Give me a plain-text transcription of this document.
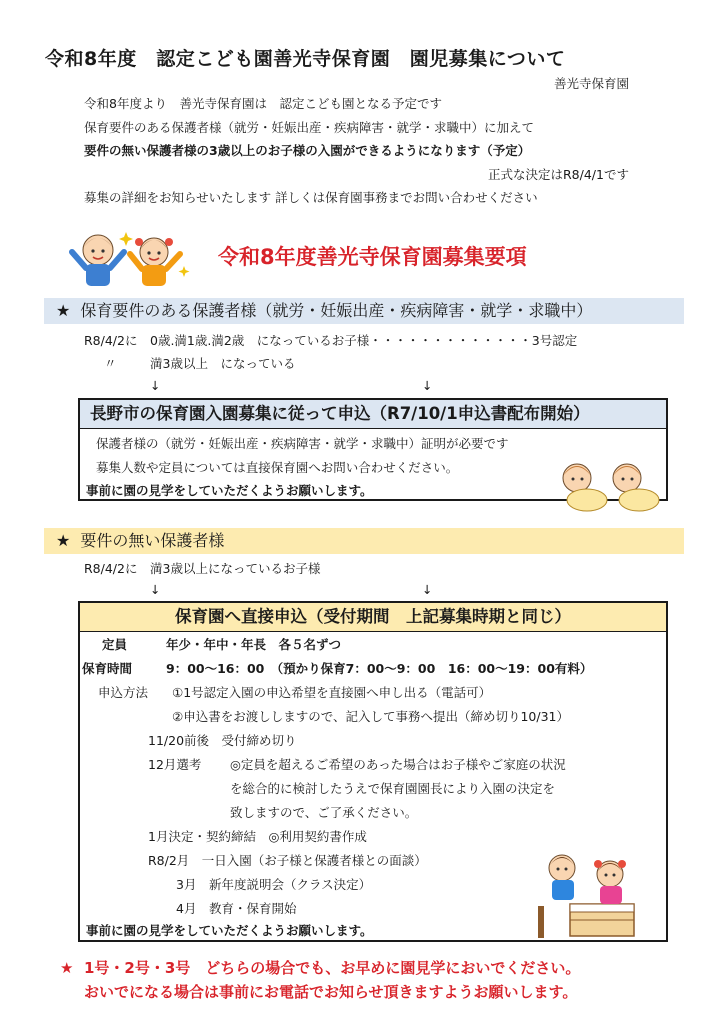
令和8年度　認定こども園善光寺保育園　園児募集について
善光寺保育園
令和8年度より　善光寺保育園は　認定こども園となる予定です
保育要件のある保護者様（就労・妊娠出産・疾病障害・就学・求職中）に加えて
要件の無い保護者様の3歳以上のお子様の入園ができるようになります（予定）
正式な決定はR8/4/1です
募集の詳細をお知らせいたします 詳しくは保育園事務までお問い合わせください
令和8年度善光寺保育園募集要項
★ 保育要件のある保護者様（就労・妊娠出産・疾病障害・就学・求職中）
R8/4/2に 0歳.満1歳.満2歳　になっているお子様・・・・・・・・・・・・・3号認定
〃	満3歳以上　になっている
↓	↓
長野市の保育園入園募集に従って申込（R7/10/1申込書配布開始）
保護者様の（就労・妊娠出産・疾病障害・就学・求職中）証明が必要です
募集人数や定員については直接保育園へお問い合わせください。
事前に園の見学をしていただくようお願いします。
★ 要件の無い保護者様
R8/4/2に 満3歳以上になっているお子様
↓	↓
保育園へ直接申込（受付期間　上記募集時期と同じ）
定員	年少・年中・年長　各５名ずつ
保育時間	9：00〜16：00　（預かり保育7：00〜9：00　16：00〜19：00有料）
申込方法 ①1号認定入園の申込希望を直接園へ申し出る（電話可）
②申込書をお渡ししますので、記入して事務へ提出（締め切り10/31）
11/20前後　受付締め切り
12月選考 ◎定員を超えるご希望のあった場合はお子様やご家庭の状況
を総合的に検討したうえで保育園園長により入園の決定を
致しますので、ご了承ください。
1月決定・契約締結　◎利用契約書作成
R8/2月　一日入園（お子様と保護者様との面談）
3月　新年度説明会（クラス決定）
4月　教育・保育開始
事前に園の見学をしていただくようお願いします。
★ 1号・2号・3号　どちらの場合でも、お早めに園見学においでください。
おいでになる場合は事前にお電話でお知らせ頂きますようお願いします。
